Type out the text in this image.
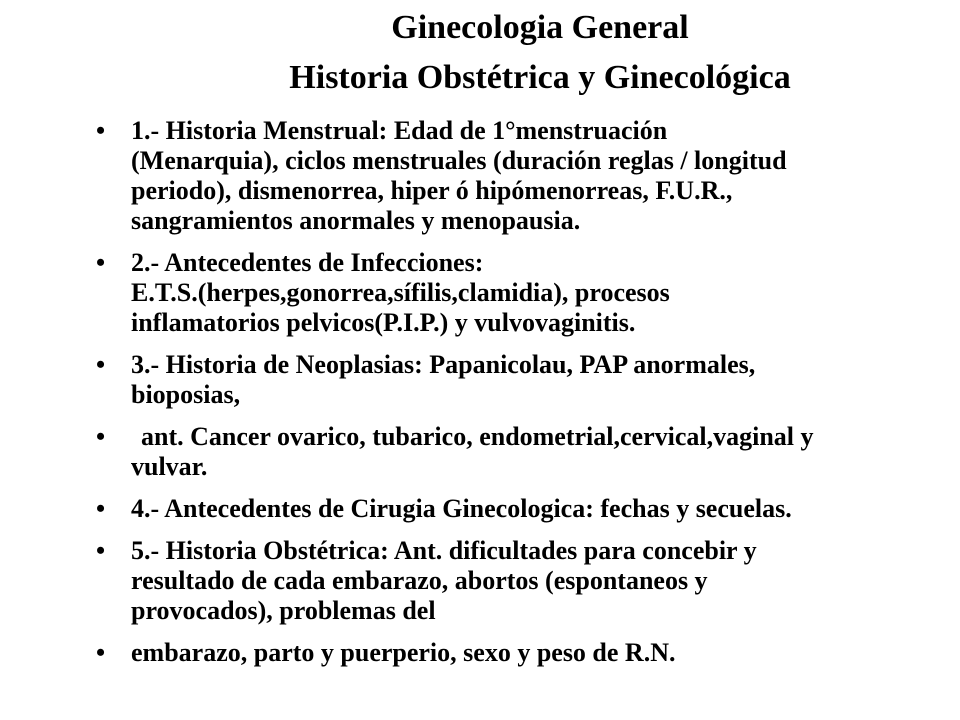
Ginecologia General
Historia Obstétrica y Ginecológica
• 1.- Historia Menstrual: Edad de 1°menstruación
(Menarquia), ciclos menstruales (duración reglas / longitud
periodo), dismenorrea, hiper ó hipómenorreas, F.U.R.,
sangramientos anormales y menopausia.
• 2.- Antecedentes de Infecciones:
E.T.S.(herpes,gonorrea,sífilis,clamidia), procesos
inflamatorios pelvicos(P.I.P.) y vulvovaginitis.
• 3.- Historia de Neoplasias: Papanicolau, PAP anormales,
bioposias,
•	ant. Cancer ovarico, tubarico, endometrial,cervical,vaginal y
vulvar.
• 4.- Antecedentes de Cirugia Ginecologica: fechas y secuelas.
• 5.- Historia Obstétrica: Ant. dificultades para concebir y
resultado de cada embarazo, abortos (espontaneos y
provocados), problemas del
• embarazo, parto y puerperio, sexo y peso de R.N.
